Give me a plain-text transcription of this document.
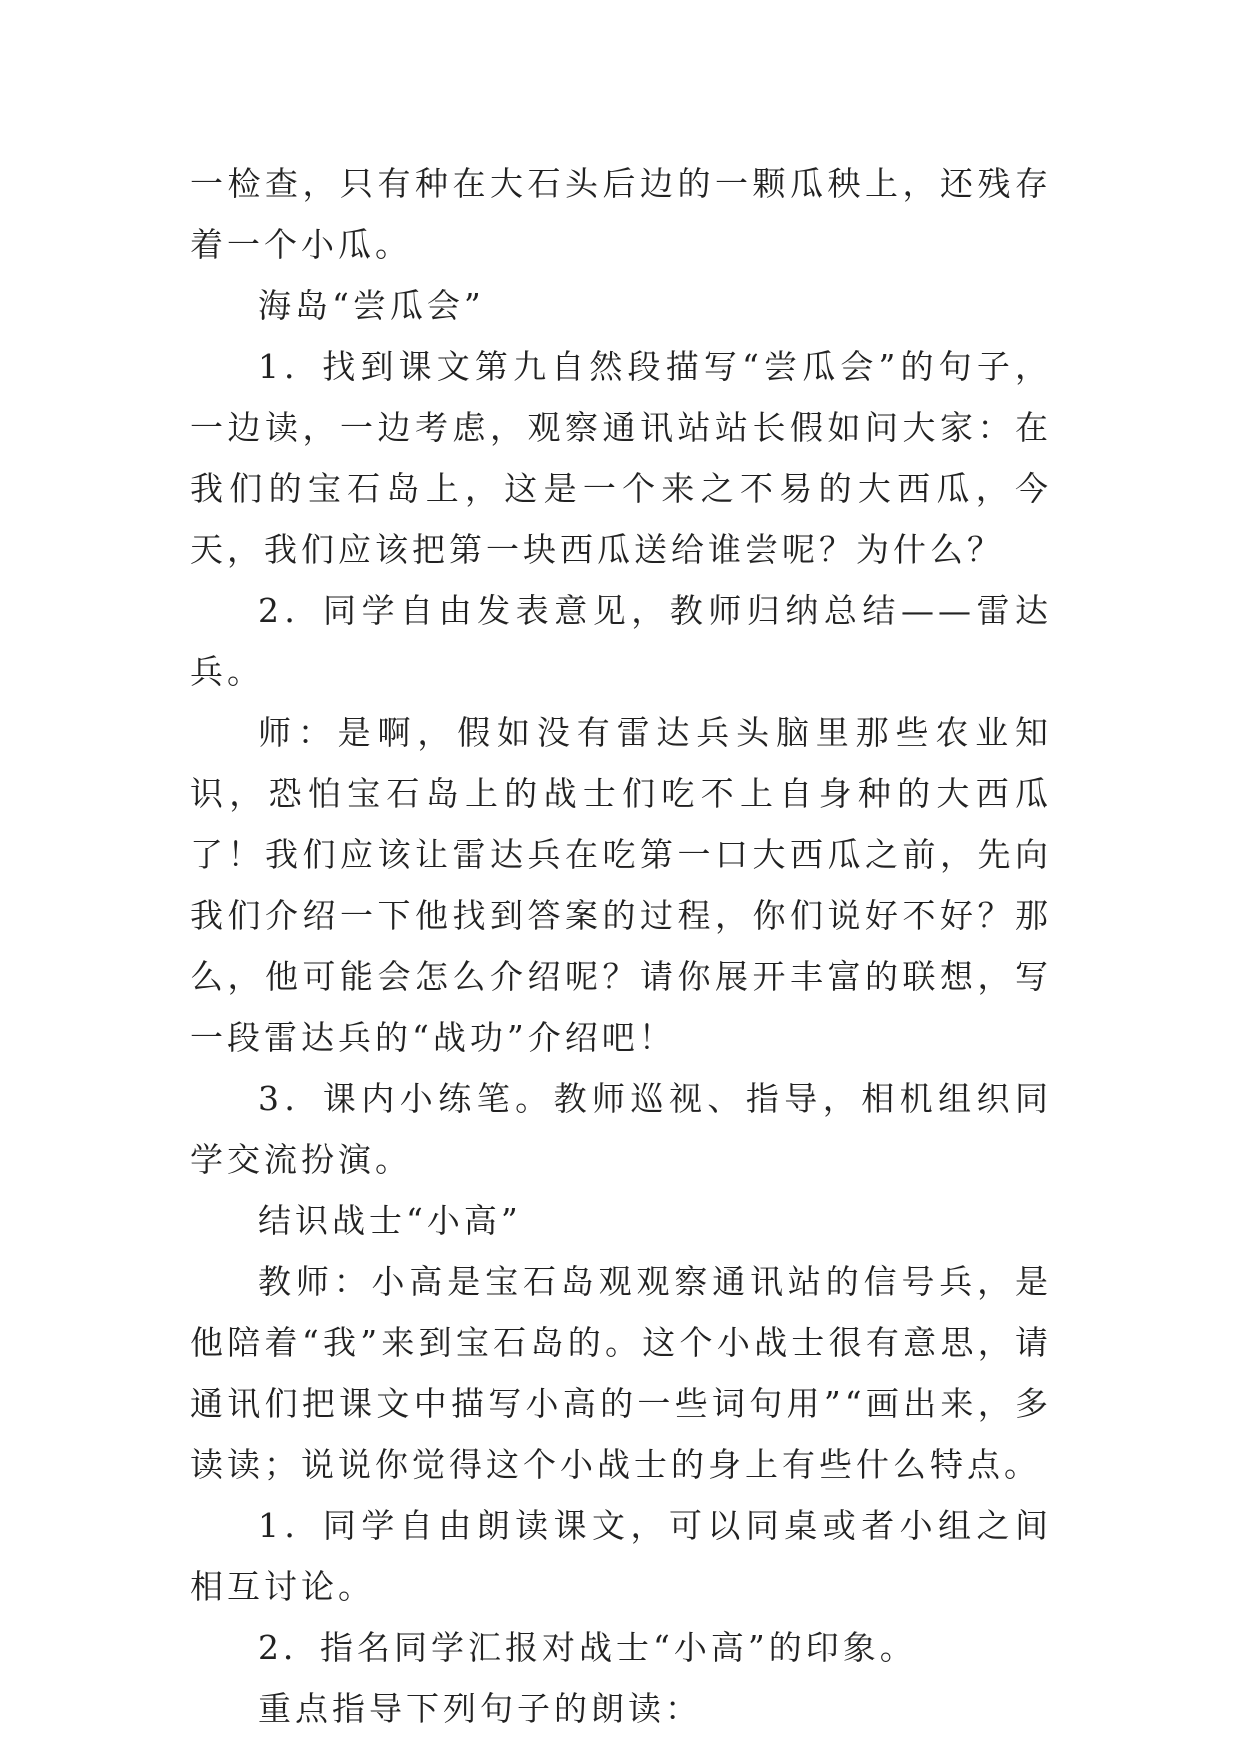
一检查，只有种在大石头后边的一颗瓜秧上，还残存着一个小瓜。

海岛“尝瓜会”

1．找到课文第九自然段描写“尝瓜会”的句子，一边读，一边考虑，观察通讯站站长假如问大家：在我们的宝石岛上，这是一个来之不易的大西瓜，今天，我们应该把第一块西瓜送给谁尝呢？为什么？

2．同学自由发表意见，教师归纳总结——雷达兵。

师：是啊，假如没有雷达兵头脑里那些农业知识，恐怕宝石岛上的战士们吃不上自身种的大西瓜了！我们应该让雷达兵在吃第一口大西瓜之前，先向我们介绍一下他找到答案的过程，你们说好不好？那么，他可能会怎么介绍呢？请你展开丰富的联想，写一段雷达兵的“战功”介绍吧！

3．课内小练笔。教师巡视、指导，相机组织同学交流扮演。

结识战士“小高”

教师：小高是宝石岛观观察通讯站的信号兵，是他陪着“我”来到宝石岛的。这个小战士很有意思，请通讯们把课文中描写小高的一些词句用”“画出来，多读读；说说你觉得这个小战士的身上有些什么特点。

1．同学自由朗读课文，可以同桌或者小组之间相互讨论。

2．指名同学汇报对战士“小高”的印象。

重点指导下列句子的朗读：
